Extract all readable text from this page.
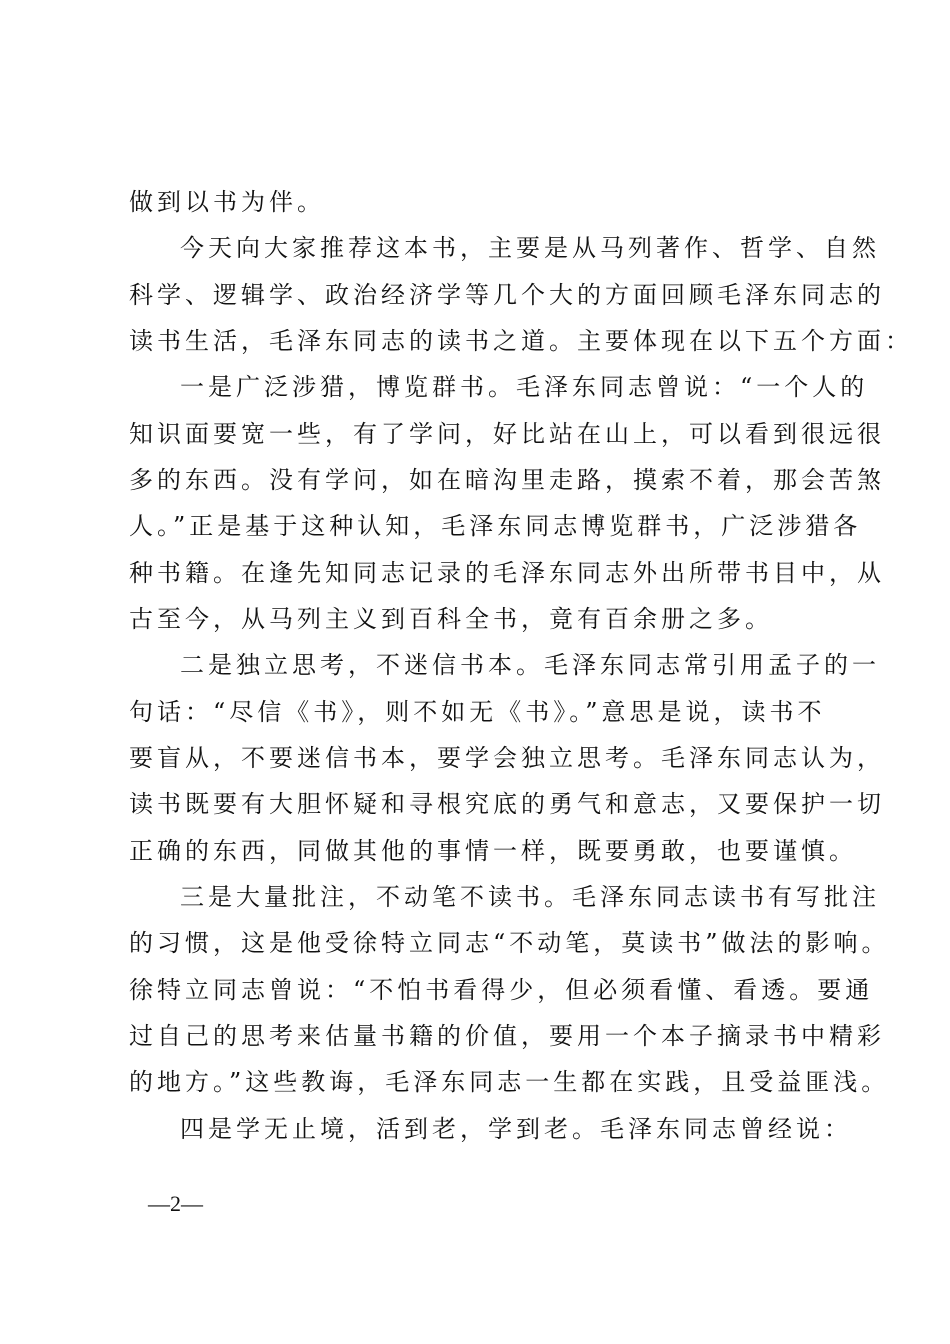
做到以书为伴。
今天向大家推荐这本书，主要是从马列著作、哲学、自然
科学、逻辑学、政治经济学等几个大的方面回顾毛泽东同志的
读书生活，毛泽东同志的读书之道。主要体现在以下五个方面：
一是广泛涉猎，博览群书。毛泽东同志曾说：“一个人的
知识面要宽一些，有了学问，好比站在山上，可以看到很远很
多的东西。没有学问，如在暗沟里走路，摸索不着，那会苦煞
人。”正是基于这种认知，毛泽东同志博览群书，广泛涉猎各
种书籍。在逢先知同志记录的毛泽东同志外出所带书目中，从
古至今，从马列主义到百科全书，竟有百余册之多。
二是独立思考，不迷信书本。毛泽东同志常引用孟子的一
句话：“尽信《书》，则不如无《书》。”意思是说，读书不
要盲从，不要迷信书本，要学会独立思考。毛泽东同志认为，
读书既要有大胆怀疑和寻根究底的勇气和意志，又要保护一切
正确的东西，同做其他的事情一样，既要勇敢，也要谨慎。
三是大量批注，不动笔不读书。毛泽东同志读书有写批注
的习惯，这是他受徐特立同志“不动笔，莫读书”做法的影响。
徐特立同志曾说：“不怕书看得少，但必须看懂、看透。要通
过自己的思考来估量书籍的价值，要用一个本子摘录书中精彩
的地方。”这些教诲，毛泽东同志一生都在实践，且受益匪浅。
四是学无止境，活到老，学到老。毛泽东同志曾经说：
—2—
